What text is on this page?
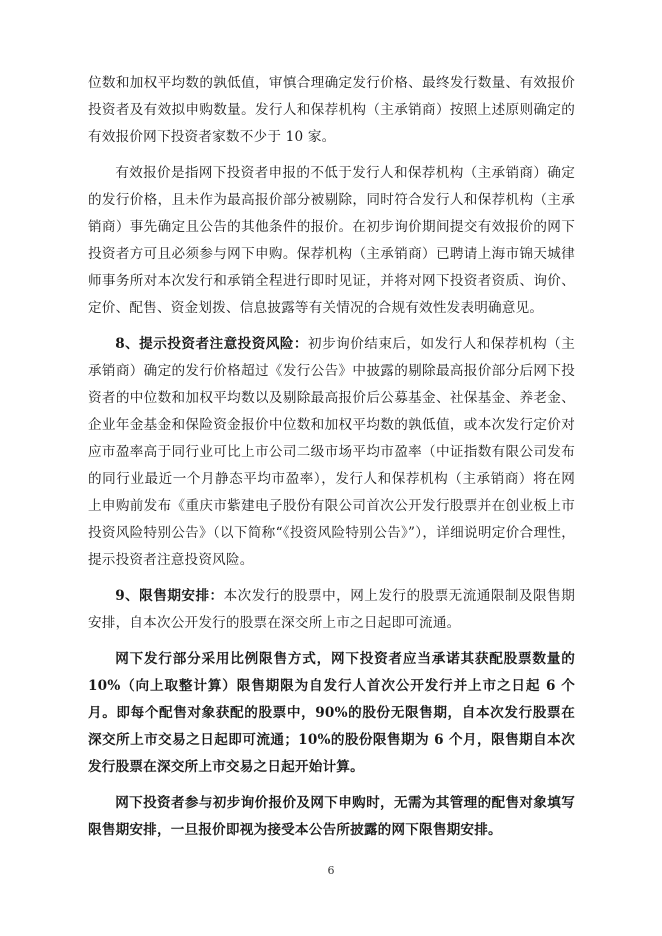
位数和加权平均数的孰低值，审慎合理确定发行价格、最终发行数量、有效报价投资者及有效拟申购数量。发行人和保荐机构（主承销商）按照上述原则确定的有效报价网下投资者家数不少于 10 家。

有效报价是指网下投资者申报的不低于发行人和保荐机构（主承销商）确定的发行价格，且未作为最高报价部分被剔除，同时符合发行人和保荐机构（主承销商）事先确定且公告的其他条件的报价。在初步询价期间提交有效报价的网下投资者方可且必须参与网下申购。保荐机构（主承销商）已聘请上海市锦天城律师事务所对本次发行和承销全程进行即时见证，并将对网下投资者资质、询价、定价、配售、资金划拨、信息披露等有关情况的合规有效性发表明确意见。

8、提示投资者注意投资风险：初步询价结束后，如发行人和保荐机构（主承销商）确定的发行价格超过《发行公告》中披露的剔除最高报价部分后网下投资者的中位数和加权平均数以及剔除最高报价后公募基金、社保基金、养老金、企业年金基金和保险资金报价中位数和加权平均数的孰低值，或本次发行定价对应市盈率高于同行业可比上市公司二级市场平均市盈率（中证指数有限公司发布的同行业最近一个月静态平均市盈率），发行人和保荐机构（主承销商）将在网上申购前发布《重庆市紫建电子股份有限公司首次公开发行股票并在创业板上市投资风险特别公告》（以下简称“《投资风险特别公告》”），详细说明定价合理性，提示投资者注意投资风险。

9、限售期安排：本次发行的股票中，网上发行的股票无流通限制及限售期安排，自本次公开发行的股票在深交所上市之日起即可流通。

网下发行部分采用比例限售方式，网下投资者应当承诺其获配股票数量的 10%（向上取整计算）限售期限为自发行人首次公开发行并上市之日起 6 个月。即每个配售对象获配的股票中，90%的股份无限售期，自本次发行股票在深交所上市交易之日起即可流通；10%的股份限售期为 6 个月，限售期自本次发行股票在深交所上市交易之日起开始计算。

网下投资者参与初步询价报价及网下申购时，无需为其管理的配售对象填写限售期安排，一旦报价即视为接受本公告所披露的网下限售期安排。

6
